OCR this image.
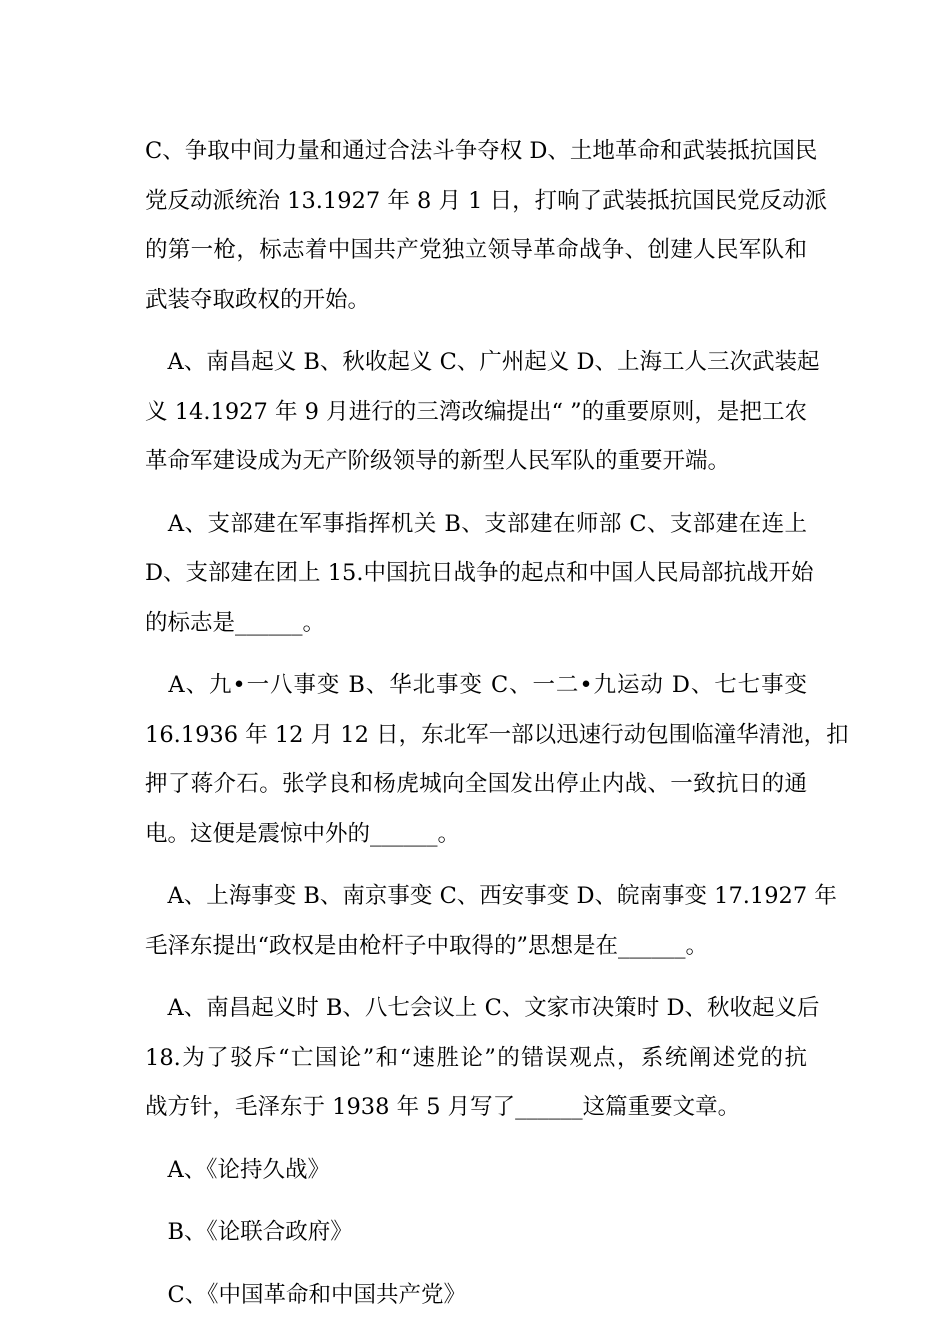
C、争取中间力量和通过合法斗争夺权 D、土地革命和武装抵抗国民
党反动派统治 13.1927 年 8 月 1 日，打响了武装抵抗国民党反动派
的第一枪，标志着中国共产党独立领导革命战争、创建人民军队和
武装夺取政权的开始。
　A、南昌起义 B、秋收起义 C、广州起义 D、上海工人三次武装起
义 14.1927 年 9 月进行的三湾改编提出“ ”的重要原则，是把工农
革命军建设成为无产阶级领导的新型人民军队的重要开端。
　A、支部建在军事指挥机关 B、支部建在师部 C、支部建在连上
D、支部建在团上 15.中国抗日战争的起点和中国人民局部抗战开始
的标志是______。
　A、九•一八事变 B、华北事变 C、一二•九运动 D、七七事变
16.1936 年 12 月 12 日，东北军一部以迅速行动包围临潼华清池，扣
押了蒋介石。张学良和杨虎城向全国发出停止内战、一致抗日的通
电。这便是震惊中外的______。
　A、上海事变 B、南京事变 C、西安事变 D、皖南事变 17.1927 年
毛泽东提出“政权是由枪杆子中取得的”思想是在______。
　A、南昌起义时 B、八七会议上 C、文家市决策时 D、秋收起义后
18.为了驳斥“亡国论”和“速胜论”的错误观点，系统阐述党的抗
战方针，毛泽东于 1938 年 5 月写了______这篇重要文章。
　A、《论持久战》
　B、《论联合政府》
　C、《中国革命和中国共产党》
